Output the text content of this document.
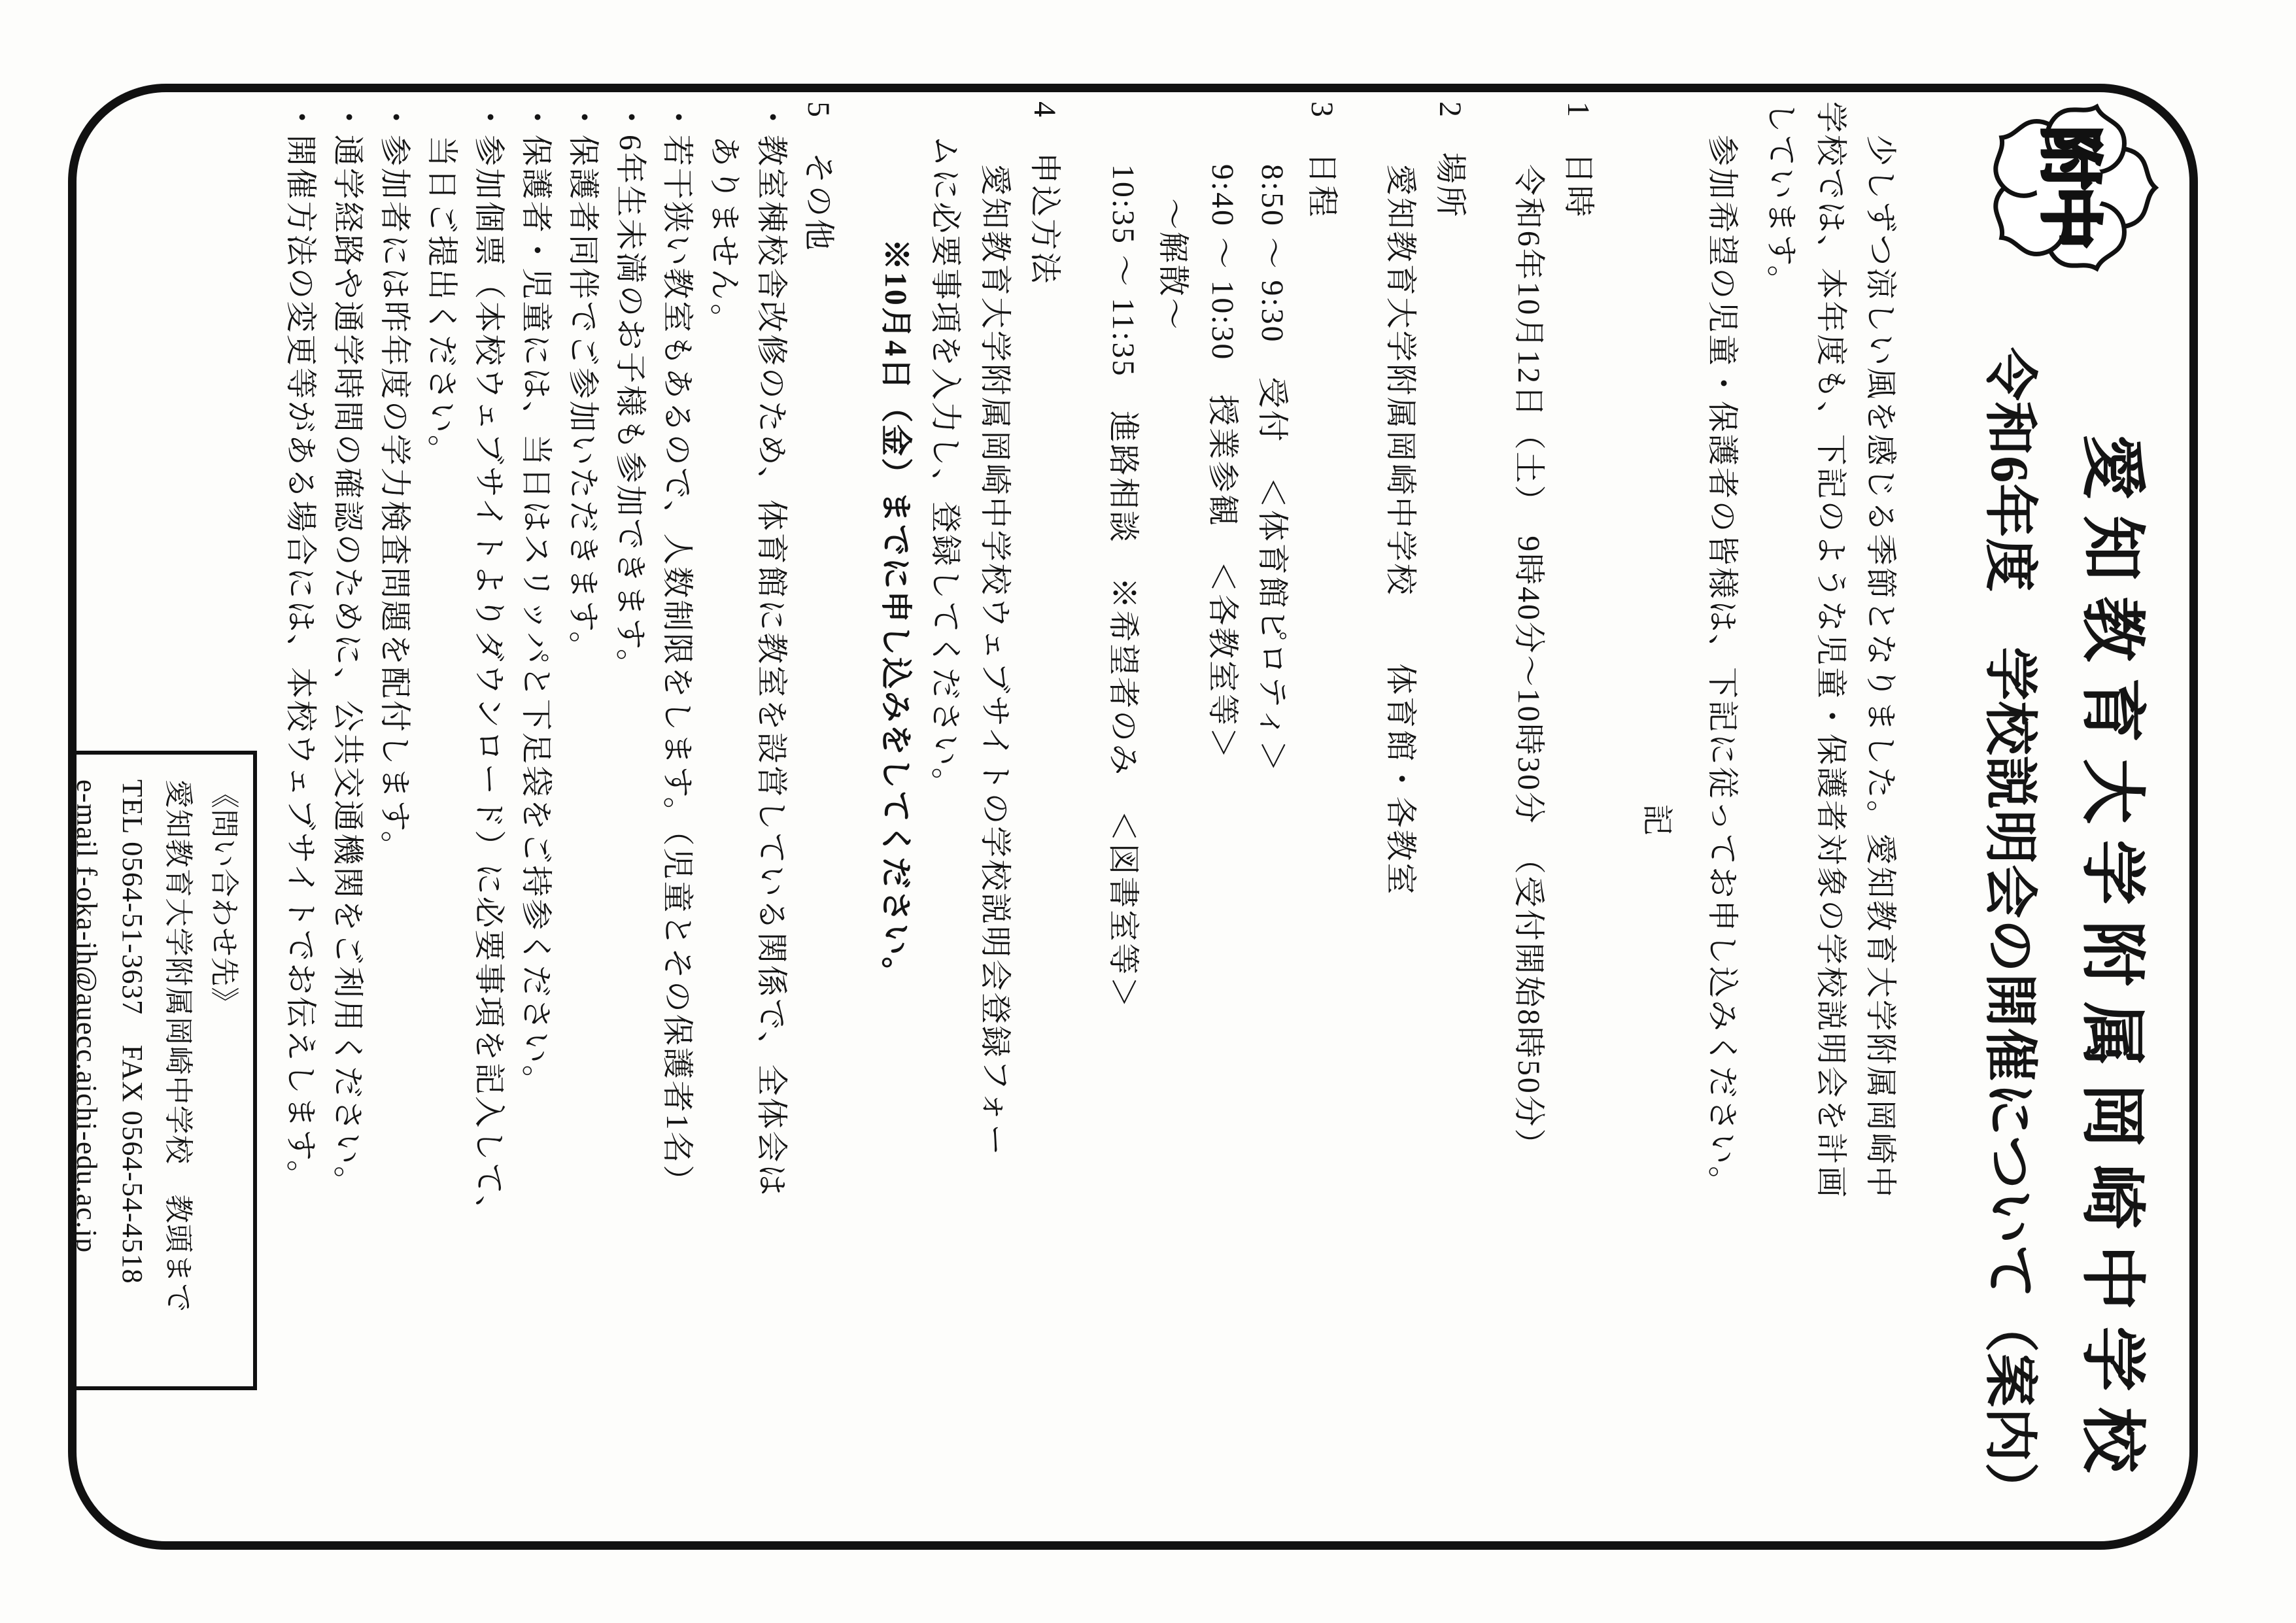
附
中
愛知教育大学附属岡崎中学校
令和6年度　学校説明会の開催について（案内）
　少しずつ涼しい風を感じる季節となりました。愛知教育大学附属岡崎中
学校では、本年度も、下記のような児童・保護者対象の学校説明会を計画
しています。
　参加希望の児童・保護者の皆様は、下記に従ってお申し込みください。
記
1　日時
令和6年10月12日（土）　9時40分〜10時30分　（受付開始8時50分）
2　場所
愛知教育大学附属岡崎中学校　　体育館・各教室
3　日程
8:50 〜 9:30　受付　＜体育館ピロティ＞
9:40 〜 10:30　授業参観　＜各教室等＞
〜解散〜
10:35 〜 11:35　進路相談　※希望者のみ　＜図書室等＞
4　申込方法
愛知教育大学附属岡崎中学校ウェブサイトの学校説明会登録フォー
ムに必要事項を入力し、登録してください。
※10月4日（金）までに申し込みをしてください。
5　その他
・教室棟校舎改修のため、体育館に教室を設営している関係で、全体会は
ありません。
・若干狭い教室もあるので、人数制限をします。（児童とその保護者1名）
・6年生未満のお子様も参加できます。
・保護者同伴でご参加いただきます。
・保護者・児童には、当日はスリッパと下足袋をご持参ください。
・参加個票（本校ウェブサイトよりダウンロード）に必要事項を記入して、
当日ご提出ください。
・参加者には昨年度の学力検査問題を配付します。
・通学経路や通学時間の確認のために、公共交通機関をご利用ください。
・開催方法の変更等がある場合には、本校ウェブサイトでお伝えします。
《問い合わせ先》
愛知教育大学附属岡崎中学校　教頭まで
TEL 0564-51-3637　FAX 0564-54-4518
e-mail f-oka-jh@auecc.aichi-edu.ac.jp
